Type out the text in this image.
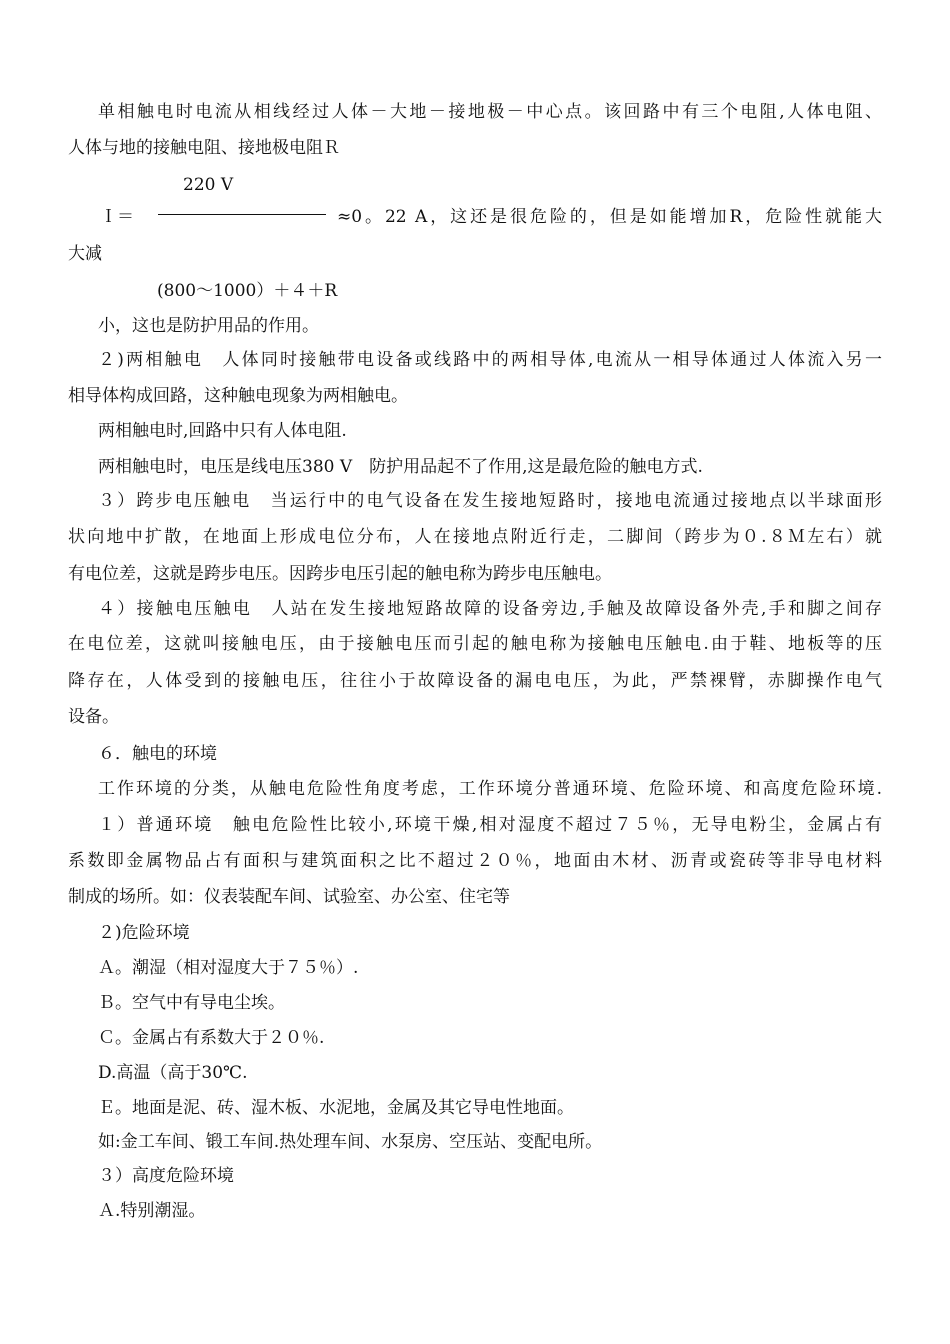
单相触电时电流从相线经过人体－大地－接地极－中心点。该回路中有三个电阻,人体电阻、
人体与地的接触电阻、接地极电阻Ｒ
220 V
Ｉ＝	≈0。22 A，这还是很危险的，但是如能增加R，危险性就能大
大减
(800～1000）＋４＋R
小，这也是防护用品的作用。
２)两相触电　人体同时接触带电设备或线路中的两相导体,电流从一相导体通过人体流入另一
相导体构成回路，这种触电现象为两相触电。
两相触电时,回路中只有人体电阻.
两相触电时，电压是线电压380 V　防护用品起不了作用,这是最危险的触电方式.
３）跨步电压触电　当运行中的电气设备在发生接地短路时，接地电流通过接地点以半球面形
状向地中扩散，在地面上形成电位分布，人在接地点附近行走，二脚间（跨步为０.８Ｍ左右）就
有电位差，这就是跨步电压。因跨步电压引起的触电称为跨步电压触电。
４）接触电压触电　人站在发生接地短路故障的设备旁边,手触及故障设备外壳,手和脚之间存
在电位差，这就叫接触电压，由于接触电压而引起的触电称为接触电压触电.由于鞋、地板等的压
降存在，人体受到的接触电压，往往小于故障设备的漏电电压，为此，严禁裸臂，赤脚操作电气
设备。
６．触电的环境
工作环境的分类，从触电危险性角度考虑，工作环境分普通环境、危险环境、和高度危险环境.
１）普通环境　触电危险性比较小,环境干燥,相对湿度不超过７５％，无导电粉尘，金属占有
系数即金属物品占有面积与建筑面积之比不超过２０％，地面由木材、沥青或瓷砖等非导电材料
制成的场所。如：仪表装配车间、试验室、办公室、住宅等
２)危险环境
Ａ。潮湿（相对湿度大于７５％）.
Ｂ。空气中有导电尘埃。
Ｃ。金属占有系数大于２０％.
D.高温（高于30℃.
Ｅ。地面是泥、砖、湿木板、水泥地，金属及其它导电性地面。
如:金工车间、锻工车间.热处理车间、水泵房、空压站、变配电所。
３）高度危险环境
Ａ.特别潮湿。
